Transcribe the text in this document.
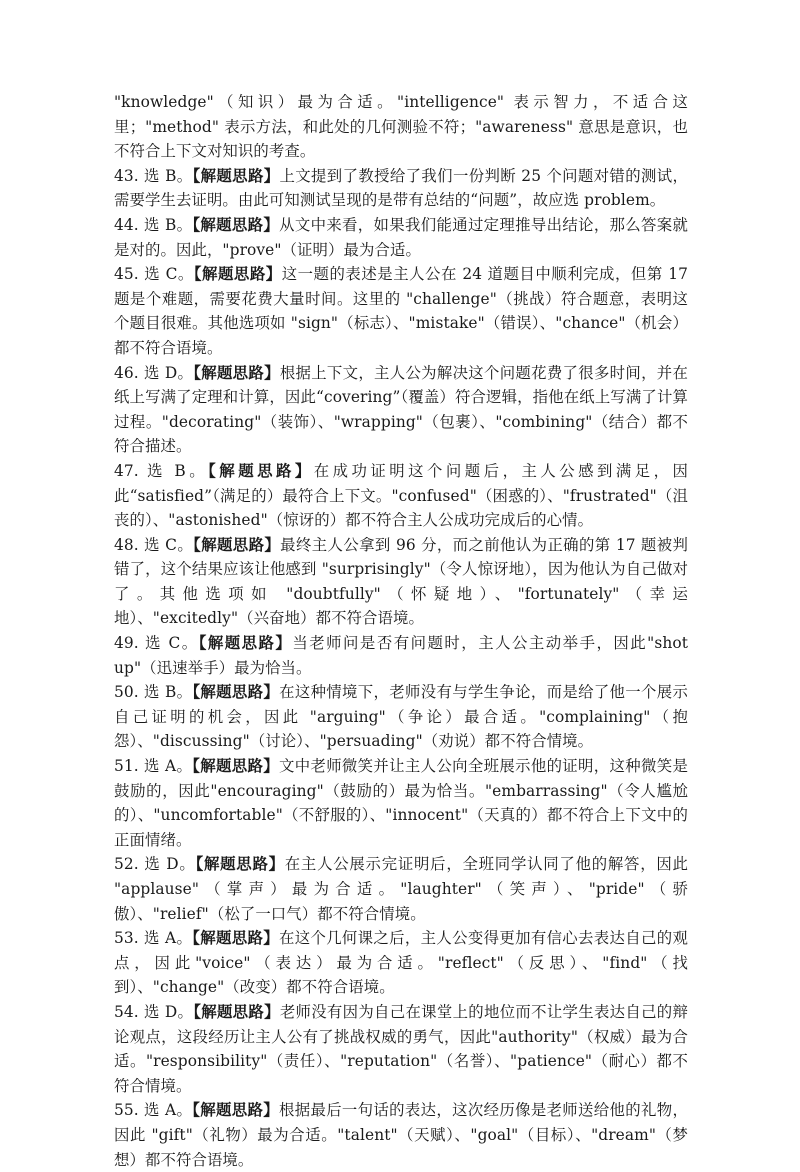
"knowledge"（知识）最为合适。"intelligence" 表示智力，不适合这里；"method" 表示方法，和此处的几何测验不符；"awareness" 意思是意识，也不符合上下文对知识的考查。

43. 选 B。【解题思路】上文提到了教授给了我们一份判断 25 个问题对错的测试，需要学生去证明。由此可知测试呈现的是带有总结的“问题”，故应选 problem。

44. 选 B。【解题思路】从文中来看，如果我们能通过定理推导出结论，那么答案就是对的。因此，"prove"（证明）最为合适。

45. 选 C。【解题思路】这一题的表述是主人公在 24 道题目中顺利完成，但第 17 题是个难题，需要花费大量时间。这里的 "challenge"（挑战）符合题意，表明这个题目很难。其他选项如 "sign"（标志）、"mistake"（错误）、"chance"（机会）都不符合语境。

46. 选 D。【解题思路】根据上下文，主人公为解决这个问题花费了很多时间，并在纸上写满了定理和计算，因此“covering”（覆盖）符合逻辑，指他在纸上写满了计算过程。"decorating"（装饰）、"wrapping"（包裹）、"combining"（结合）都不符合描述。

47. 选 B。【解题思路】在成功证明这个问题后，主人公感到满足，因此“satisfied”（满足的）最符合上下文。"confused"（困惑的）、"frustrated"（沮丧的）、"astonished"（惊讶的）都不符合主人公成功完成后的心情。

48. 选 C。【解题思路】最终主人公拿到 96 分，而之前他认为正确的第 17 题被判错了，这个结果应该让他感到 "surprisingly"（令人惊讶地），因为他认为自己做对了。其他选项如 "doubtfully"（怀疑地）、"fortunately"（幸运地）、"excitedly"（兴奋地）都不符合语境。

49. 选 C。【解题思路】当老师问是否有问题时，主人公主动举手，因此"shot up"（迅速举手）最为恰当。

50. 选 B。【解题思路】在这种情境下，老师没有与学生争论，而是给了他一个展示自己证明的机会，因此 "arguing"（争论）最合适。"complaining"（抱怨）、"discussing"（讨论）、"persuading"（劝说）都不符合情境。

51. 选 A。【解题思路】文中老师微笑并让主人公向全班展示他的证明，这种微笑是鼓励的，因此"encouraging"（鼓励的）最为恰当。"embarrassing"（令人尴尬的）、"uncomfortable"（不舒服的）、"innocent"（天真的）都不符合上下文中的正面情绪。

52. 选 D。【解题思路】在主人公展示完证明后，全班同学认同了他的解答，因此 "applause"（掌声）最为合适。"laughter"（笑声）、"pride"（骄傲）、"relief"（松了一口气）都不符合情境。

53. 选 A。【解题思路】在这个几何课之后，主人公变得更加有信心去表达自己的观点，因此"voice"（表达）最为合适。"reflect"（反思）、"find"（找到）、"change"（改变）都不符合语境。

54. 选 D。【解题思路】老师没有因为自己在课堂上的地位而不让学生表达自己的辩论观点，这段经历让主人公有了挑战权威的勇气，因此"authority"（权威）最为合适。"responsibility"（责任）、"reputation"（名誉）、"patience"（耐心）都不符合情境。

55. 选 A。【解题思路】根据最后一句话的表达，这次经历像是老师送给他的礼物，因此 "gift"（礼物）最为合适。"talent"（天赋）、"goal"（目标）、"dream"（梦想）都不符合语境。
